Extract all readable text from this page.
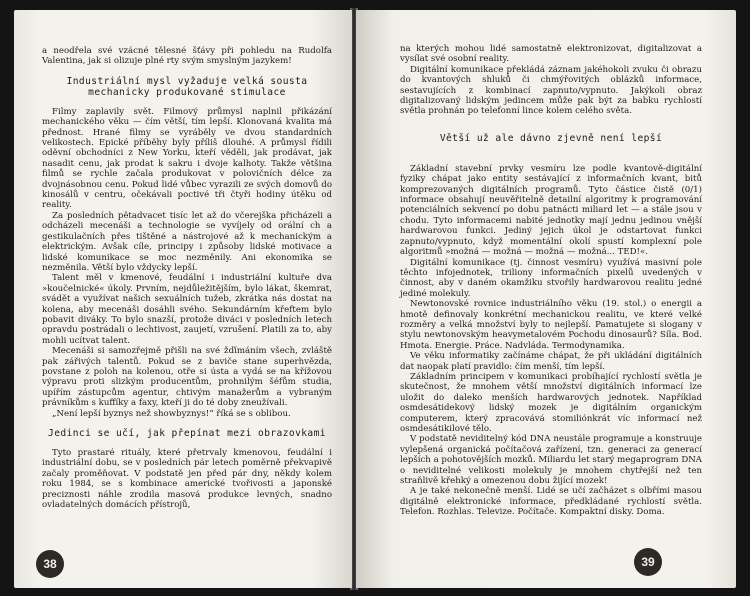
a neodřela své vzácné tělesné šťávy při pohledu na Rudolfa Valentina, jak si olizuje plné rty svým smyslným jazykem!

Industriální mysl vyžaduje velká sousta mechanicky produkované stimulace

Filmy zaplavily svět. Filmový průmysl naplnil přikázání mechanického věku — čím větší, tím lepší. Klonovaná kvalita má přednost. Hrané filmy se vyráběly ve dvou standardních velikostech. Epické příběhy byly příliš dlouhé. A průmysl řídili oděvní obchodníci z New Yorku, kteří věděli, jak prodávat, jak nasadit cenu, jak prodat k sakru i dvoje kalhoty. Takže většina filmů se rychle začala produkovat v polovičních délce za dvojnásobnou cenu. Pokud lidé vůbec vyrazili ze svých domovů do kinosálů v centru, očekávali poctivé tři čtyři hodiny útěku od reality.

Za posledních pětadvacet tisíc let až do včerejška přicházeli a odcházeli mecenáši a technologie se vyvíjely od orální ch a gestikulačních přes tištěné a nástrojové až k mechanickým a elektrickým. Avšak cíle, principy i způsoby lidské motivace a lidské komunikace se moc nezměnily. Ani ekonomika se nezměnila. Větší bylo vždycky lepší.

Talent měl v kmenové, feudální i industriální kultuře dva »koučelnické« úkoly. Prvním, nejdůležitějším, bylo lákat, škemrat, svádět a využívat našich sexuálních tužeb, zkrátka nás dostat na kolena, aby mecenáši dosáhli svého. Sekundárním křeftem bylo pobavit diváky. To bylo snazší, protože diváci v posledních letech opravdu postrádali o lechtivost, zaujetí, vzrušení. Platili za to, aby mohli ucítvat talent.

Mecenáši si samozřejmě přišli na své žďímáním všech, zvláště pak zářivých talentů. Pokud se z baviče stane superhvězda, povstane z poloh na kolenou, otře si ústa a vydá se na křížovou výpravu proti slizkým producentům, prohnilým šéfům studia, upířím zástupcům agentur, chtivým manažerům a vybraným právníkům s kuffíky a faxy, kteří ji do té doby zneužívali.

„Není lepší byznys než showbyznys!“ říká se s oblibou.

Jedinci se učí, jak přepínat mezi obrazovkami

Tyto prastaré rituály, které přetrvaly kmenovou, feudální i industriální dobu, se v posledních pár letech poměrně překvapivě začaly proměňovat. V podstatě jen před pár dny, někdy kolem roku 1984, se s kombinace americké tvořivosti a japonské preciznosti náhle zrodila masová produkce levných, snadno ovladatelných domácích přístrojů,

38

na kterých mohou lidé samostatně elektronizovat, digitalizovat a vysílat své osobní reality.

Digitální komunikace překládá záznam jakéhokoli zvuku či obrazu do kvantových shluků či chmýřovitých oblázků informace, sestavujících z kombinací zapnuto/vypnuto. Jakýkoli obraz digitalizovaný lidským jedincem může pak být za babku rychlostí světla prohnán po telefonní lince kolem celého světa.

Větší už ale dávno zjevně není lepší

Základní stavební prvky vesmíru lze podle kvantově-digitální fyziky chápat jako entity sestávající z informačních kvant, bitů komprezovaných digitálních programů. Tyto částice čistě (0/1) informace obsahují neuvěřitelně detailní algoritmy k programování potenciálních sekvencí po dobu patnácti miliard let — a stále jsou v chodu. Tyto informacemi nabité jednotky mají jednu jedinou vnější hardwarovou funkci. Jediný jejich úkol je odstartovat funkci zapnuto/vypnuto, když momentální okolí spustí komplexní pole algoritmů »možná — možná — možná — možná... TED!«.

Digitální komunikace (tj. činnost vesmíru) využívá masivní pole těchto infojednotek, triliony informačních pixelů uvedených v činnost, aby v daném okamžiku stvořily hardwarovou realitu jedné jediné molekuly.

Newtonovské rovnice industriálního věku (19. stol.) o energii a hmotě definovaly konkrétní mechanickou realitu, ve které velké rozměry a velká množství byly to nejlepší. Pamatujete si slogany v stylu newtonovským heavymetalovém Pochodu dinosaurů? Síla. Bod. Hmota. Energie. Práce. Nadvláda. Termodynamika.

Ve věku informatiky začínáme chápat, že při ukládání digitálních dat naopak platí pravidlo: čím menší, tím lepší.

Základním principem v komunikaci probíhající rychlostí světla je skutečnost, že mnohem větší množství digitálních informací lze uložit do daleko menších hardwarových jednotek. Například osmdesátidekový lidský mozek je digitálním organickým computerem, který zpracovává stomiliónkrát víc informací než osmdesátikilové tělo.

V podstatě neviditelný kód DNA neustále programuje a konstruuje vylepšená organická počítačová zařízení, tzn. generaci za generací lepších a pohotovějších mozků. Miliardu let starý megaprogram DNA o neviditelné velikosti molekuly je mnohem chytřejší než ten straňlivě křehký a omezenou dobu žijící mozek!

A je také nekonečně menší. Lidé se učí začházet s olbřími masou digitálně elektronické informace, předkládané rychlostí světla. Telefon. Rozhlas. Televize. Počítače. Kompaktní disky. Doma.

39
